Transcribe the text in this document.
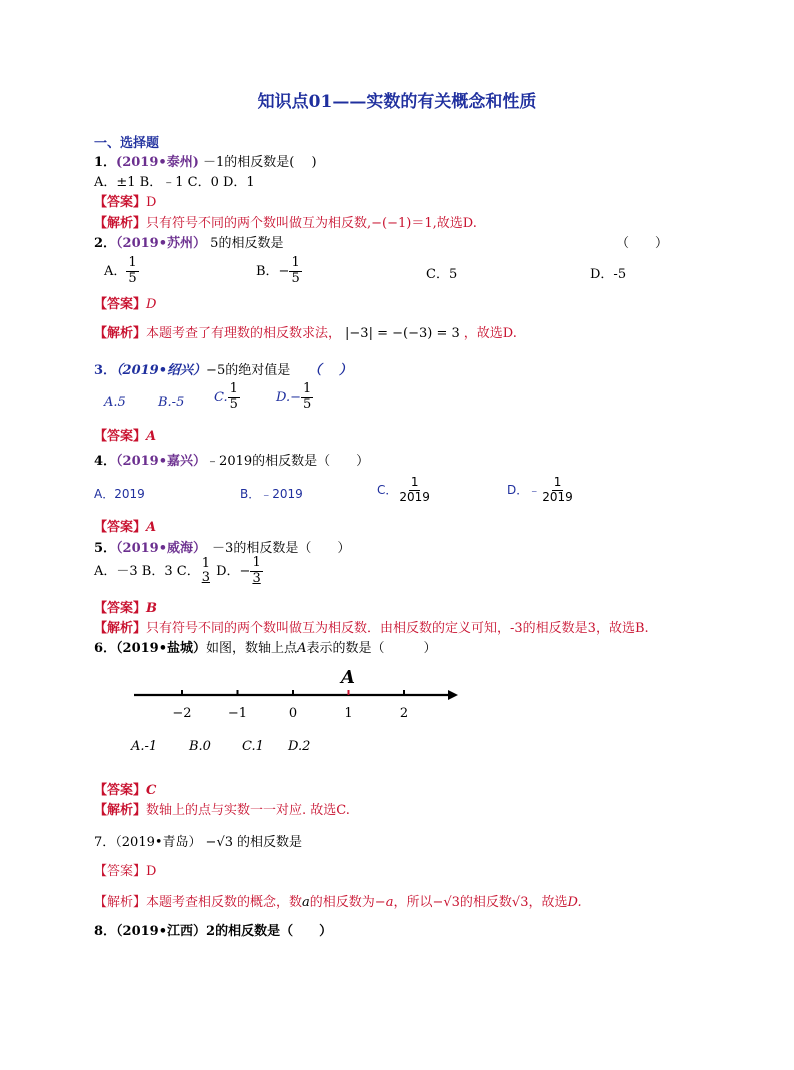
知识点01——实数的有关概念和性质
一、选择题
1．(2019•泰州) －1的相反数是(　 )
A．±1 B．﹣1 C．0 D．1
【答案】D
【解析】只有符号不同的两个数叫做互为相反数,−(−1)＝1,故选D.
2．（2019•苏州） 5的相反数是	（　　）
A． $\frac{1}{5}$	B．− $\frac{1}{5}$	C．5	D．-5
【答案】D
【解析】本题考查了有理数的相反数求法， |−3| = −(−3) = 3 ，故选D.
3．（2019•绍兴）−5的绝对值是 （　 ）
A.5 B.-5 C. $\frac{1}{5}$	$D.- \frac{1}{5}$
【答案】A
4．（2019•嘉兴）﹣2019的相反数是（　　）
A．2019	B．﹣2019	C． $\frac{1}{2019}$	D．﹣ $\frac{1}{2019}$
【答案】A
5．（2019•威海） －3的相反数是（　　）
A．－3 B．3 C．
1
3 D．− $\frac{1}{3}$
【答案】B
【解析】只有符号不同的两个数叫做互为相反数．由相反数的定义可知，-3的相反数是3，故选B.
6．（2019•盐城）如图，数轴上点A表示的数是（　　　）
−2	−1	0	1	2
A
A.-1 B.0 C.1 D.2
【答案】C
【解析】数轴上的点与实数一一对应. 故选C.
7．（2019•青岛） −√3 的相反数是
【答案】D
【解析】本题考查相反数的概念，数a的相反数为−a，所以−√3的相反数√3，故选D.
8．（2019•江西）2的相反数是（　　）
